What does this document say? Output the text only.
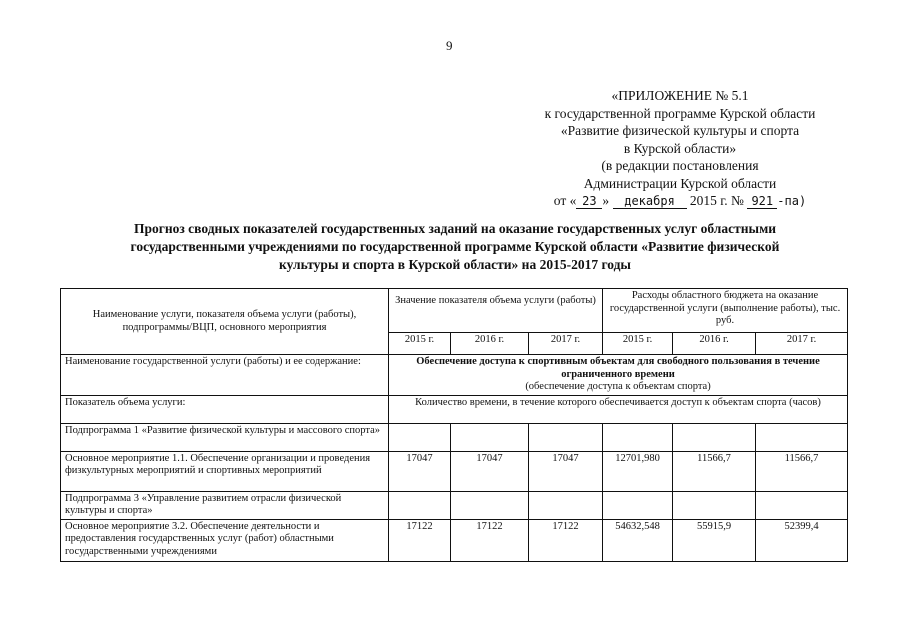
9
«ПРИЛОЖЕНИЕ № 5.1
к государственной программе Курской области
«Развитие физической культуры и спорта
в Курской области»
(в редакции постановления
Администрации Курской области
от « 23 » декабря 2015 г. № 921 -па)
Прогноз сводных показателей государственных заданий на оказание государственных услуг областными
государственными учреждениями по государственной программе Курской области «Развитие физической
культуры и спорта в Курской области» на 2015-2017 годы
Наименование услуги, показателя объема услуги (работы), подпрограммы/ВЦП, основного мероприятия	Значение показателя объема услуги (работы)			Расходы областного бюджета на оказание государственной услуги (выполнение работы), тыс. руб.		
	2015 г.	2016 г.	2017 г.	2015 г.	2016 г.	2017 г.
Наименование государственной услуги (работы) и ее содержание:	Обеспечение доступа к спортивным объектам для свободного пользования в течение ограниченного времени
(обеспечение доступа к объектам спорта)					

Показатель объема услуги:	Количество времени, в течение которого обеспечивается доступ к объектам спорта (часов)					
Подпрограмма 1 «Развитие физической культуры и массового спорта»						
Основное мероприятие 1.1. Обеспечение организации и проведения физкультурных мероприятий и спортивных мероприятий	17047	17047	17047	12701,980	11566,7	11566,7
Подпрограмма 3 «Управление развитием отрасли физической культуры и спорта»						
Основное мероприятие 3.2. Обеспечение деятельности и предоставления государственных услуг (работ) областными государственными учреждениями	17122	17122	17122	54632,548	55915,9	52399,4
